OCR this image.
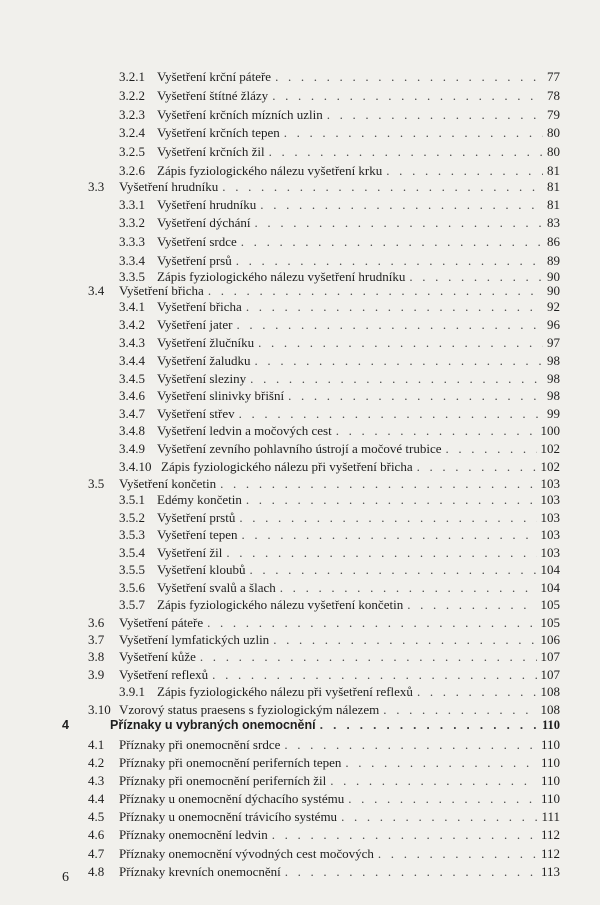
3.2.1 Vyšetření krční páteře . . .	77
3.2.2 Vyšetření štítné žlázy . . .	78
3.2.3 Vyšetření krčních mízních uzlin . . .	79
3.2.4 Vyšetření krčních tepen . . .	80
3.2.5 Vyšetření krčních žil . . .	80
3.2.6 Zápis fyziologického nálezu vyšetření krku . . .	81
3.3	Vyšetření hrudníku . . .	81
3.3.1 Vyšetření hrudníku . . .	81
3.3.2 Vyšetření dýchání . . .	83
3.3.3 Vyšetření srdce . . .	86
3.3.4 Vyšetření prsů . . .	89
3.3.5 Zápis fyziologického nálezu vyšetření hrudníku . . .	90
3.4	Vyšetření břicha . . .	90
3.4.1 Vyšetření břicha . . .	92
3.4.2 Vyšetření jater . . .	96
3.4.3 Vyšetření žlučníku . . .	97
3.4.4 Vyšetření žaludku . . .	98
3.4.5 Vyšetření sleziny . . .	98
3.4.6 Vyšetření slinivky břišní . . .	98
3.4.7 Vyšetření střev . . .	99
3.4.8 Vyšetření ledvin a močových cest . . .	100
3.4.9 Vyšetření zevního pohlavního ústrojí a močové trubice . . .	102
3.4.10 Zápis fyziologického nálezu při vyšetření břicha . . .	102
3.5	Vyšetření končetin . . .	103
3.5.1 Edémy končetin . . .	103
3.5.2 Vyšetření prstů . . .	103
3.5.3 Vyšetření tepen . . .	103
3.5.4 Vyšetření žil . . .	103
3.5.5 Vyšetření kloubů . . .	104
3.5.6 Vyšetření svalů a šlach . . .	104
3.5.7 Zápis fyziologického nálezu vyšetření končetin . . .	105
3.6	Vyšetření páteře . . .	105
3.7	Vyšetření lymfatických uzlin . . .	106
3.8	Vyšetření kůže . . .	107
3.9	Vyšetření reflexů . . .	107
3.9.1 Zápis fyziologického nálezu při vyšetření reflexů . . .	108
3.10 Vzorový status praesens s fyziologickým nálezem . . .	108
4	Příznaky u vybraných onemocnění . . .	110
4.1	Příznaky při onemocnění srdce . . .	110
4.2	Příznaky při onemocnění periferních tepen . . .	110
4.3	Příznaky při onemocnění periferních žil . . .	110
4.4	Příznaky u onemocnění dýchacího systému . . .	110
4.5	Příznaky u onemocnění trávicího systému . . .	111
4.6	Příznaky onemocnění ledvin . . .	112
4.7	Příznaky onemocnění vývodných cest močových . . .	112
4.8	Příznaky krevních onemocnění . . .	113
6
